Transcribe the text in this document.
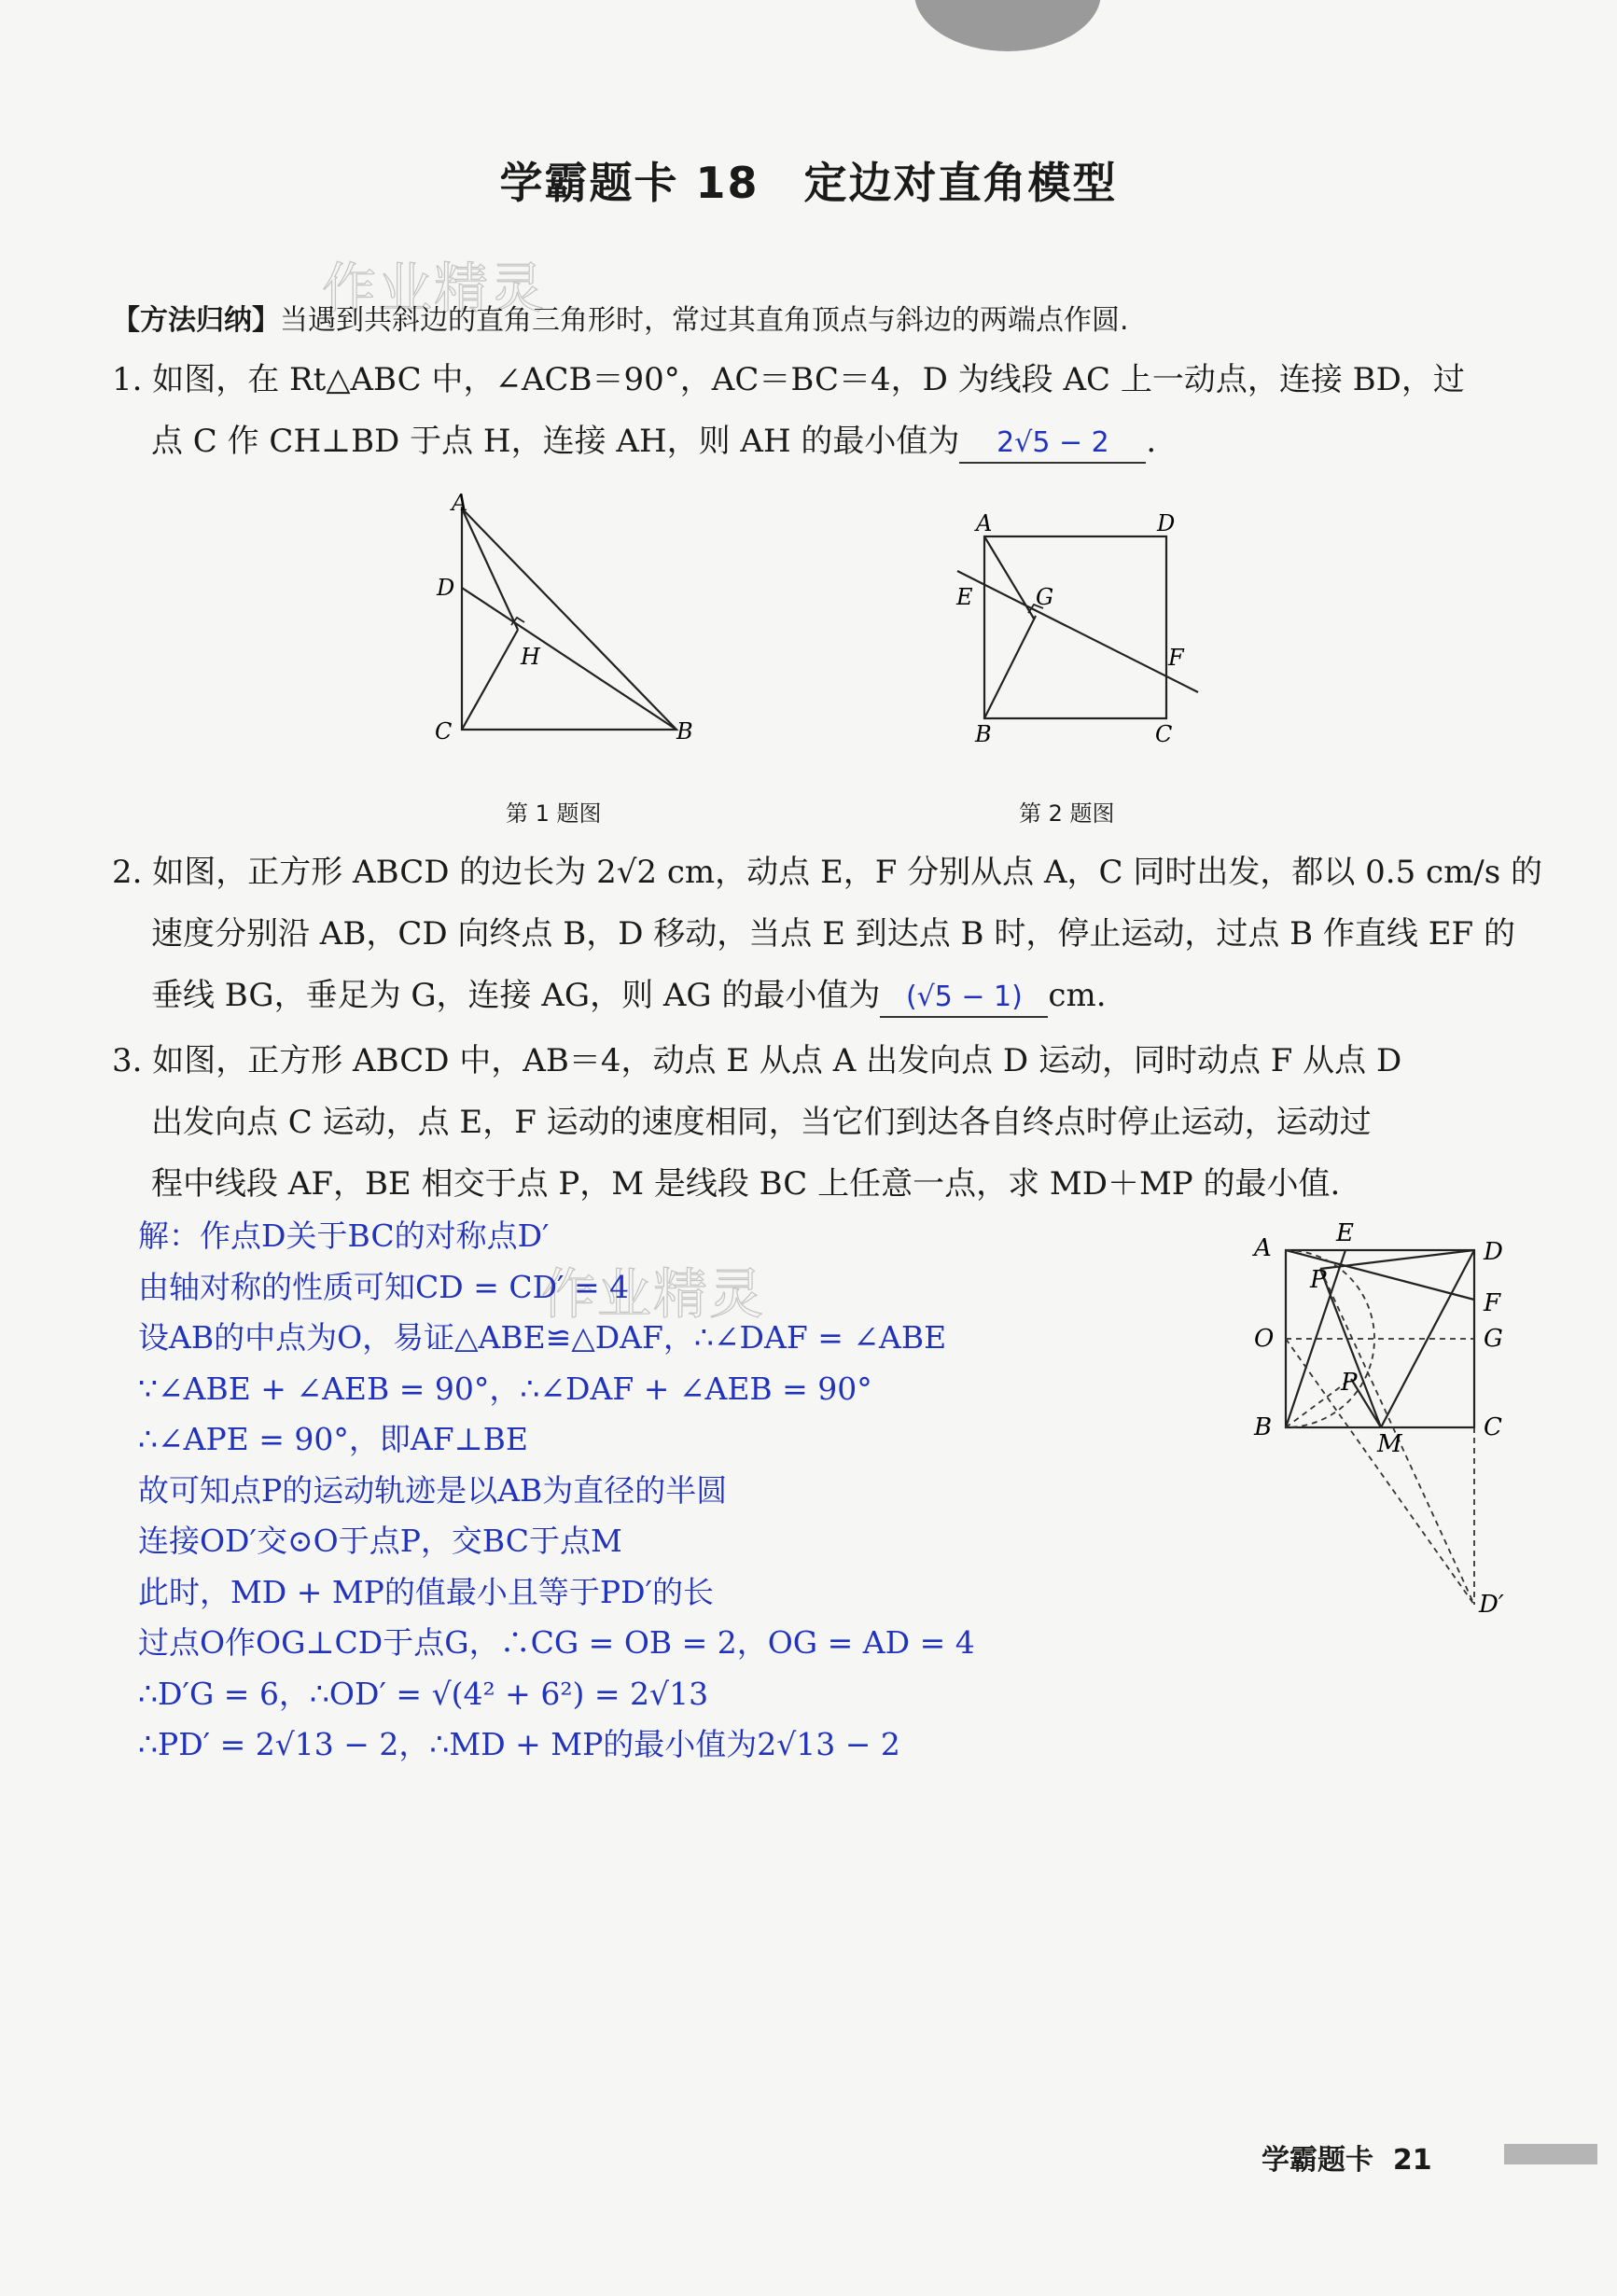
学霸题卡 18　定边对直角模型
作业精灵
作业精灵
【方法归纳】当遇到共斜边的直角三角形时，常过其直角顶点与斜边的两端点作圆.
1. 如图，在 Rt△ABC 中，∠ACB＝90°，AC＝BC＝4，D 为线段 AC 上一动点，连接 BD，过
点 C 作 CH⊥BD 于点 H，连接 AH，则 AH 的最小值为 2√5 − 2 .
A
D
H
C	B
第 1 题图
A	D
E	G
F
B	C
第 2 题图
2. 如图，正方形 ABCD 的边长为 2√2 cm，动点 E，F 分别从点 A，C 同时出发，都以 0.5 cm/s 的
速度分别沿 AB，CD 向终点 B，D 移动，当点 E 到达点 B 时，停止运动，过点 B 作直线 EF 的
垂线 BG，垂足为 G，连接 AG，则 AG 的最小值为 (√5 − 1) cm.
3. 如图，正方形 ABCD 中，AB＝4，动点 E 从点 A 出发向点 D 运动，同时动点 F 从点 D
出发向点 C 运动，点 E，F 运动的速度相同，当它们到达各自终点时停止运动，运动过
程中线段 AF，BE 相交于点 P，M 是线段 BC 上任意一点，求 MD＋MP 的最小值.
解：作点D关于BC的对称点D′
由轴对称的性质可知CD = CD′ = 4
设AB的中点为O，易证△ABE≌△DAF，∴∠DAF = ∠ABE
∵∠ABE + ∠AEB = 90°，∴∠DAF + ∠AEB = 90°
∴∠APE = 90°，即AF⊥BE
故可知点P的运动轨迹是以AB为直径的半圆
连接OD′交⊙O于点P，交BC于点M
此时，MD + MP的值最小且等于PD′的长
过点O作OG⊥CD于点G，∴CG = OB = 2，OG = AD = 4
∴D′G = 6，∴OD′ = √(4² + 6²) = 2√13
∴PD′ = 2√13 − 2，∴MD + MP的最小值为2√13 − 2
A
E
D
P
F
O	G
P
B
M
C
D′
学霸题卡 21
